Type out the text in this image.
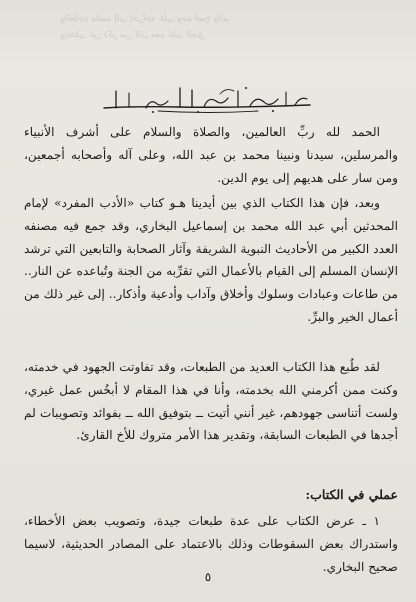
والحاجة ماسة إلى إخراجه على وجه أصح وأتم
ويتخلى عن ذكر من كان معه على الحق
بسم الله الرحمن الرحيم

الحمد لله ربِّ العالمين، والصلاة والسلام على أشرف الأنبياء والمرسلين، سيدنا ونبينا محمد بن عبد الله، وعلى آله وأصحابه أجمعين، ومن سار على هديهم إلى يوم الدين.

وبعد، فإن هذا الكتاب الذي بين أيدينا هـو كتاب «الأدب المفرد» لإمام المحدثين أبي عبد الله محمد بن إسماعيل البخاري، وقد جمع فيه مصنفه العدد الكبير من الأحاديث النبوية الشريفة وآثار الصحابة والتابعين التي ترشد الإنسان المسلم إلى القيام بالأعمال التي تقرِّبه من الجنة وتُباعده عن النار.. من طاعات وعبادات وسلوك وأخلاق وآداب وأدعية وأذكار.. إلى غير ذلك من أعمال الخير والبرِّ.

لقد طُبع هذا الكتاب العديد من الطبعات، وقد تفاوتت الجهود في خدمته، وكنت ممن أكرمني الله بخدمته، وأنا في هذا المقام لا أبخُس عمل غيري، ولست أتناسى جهودهم، غير أنني أتيت ــ بتوفيق الله ــ بفوائد وتصويبات لم أجدها في الطبعات السابقة، وتقدير هذا الأمر متروك للأخ القارئ.

عملي في الكتاب:

١ ـ عرض الكتاب على عدة طبعات جيدة، وتصويب بعض الأخطاء، واستدراك بعض السقوطات وذلك بالاعتماد على المصادر الحديثية، لاسيما صحيح البخاري.

٥
